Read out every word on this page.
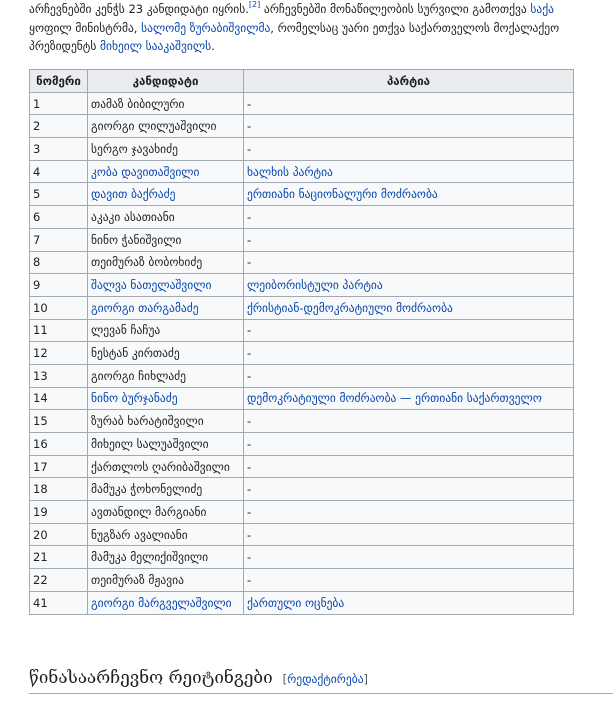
არჩევნებში კენჭს 23 კანდიდატი იყრის.[2] არჩევნებში მონაწილეობის სურვილი გამოთქვა საქა
ყოფილ მინისტრმა, სალომე ზურაბიშვილმა, რომელსაც უარი ეთქვა საქართველოს მოქალაქეო
პრეზიდენტს მიხეილ სააკაშვილს.
ნომერი	კანდიდატი	პარტია
1	თამაზ ბიბილური	-
2	გიორგი ლილუაშვილი	-
3	სერგო ჯავახიძე	-
4	კობა დავითაშვილი	ხალხის პარტია
5	დავით ბაქრაძე	ერთიანი ნაციონალური მოძრაობა
6	აკაკი ასათიანი	-
7	ნინო ჭანიშვილი	-
8	თეიმურაზ ბობოხიძე	-
9	შალვა ნათელაშვილი	ლეიბორისტული პარტია
10	გიორგი თარგამაძე	ქრისტიან-დემოკრატიული მოძრაობა
11	ლევან ჩაჩუა	-
12	ნესტან კირთაძე	-
13	გიორგი ჩიხლაძე	-
14	ნინო ბურჯანაძე	დემოკრატიული მოძრაობა — ერთიანი საქართველო
15	ზურაბ ხარატიშვილი	-
16	მიხეილ სალუაშვილი	-
17	ქართლოს ღარიბაშვილი	-
18	მამუკა ჭოხონელიძე	-
19	ავთანდილ მარგიანი	-
20	ნუგზარ ავალიანი	-
21	მამუკა მელიქიშვილი	-
22	თეიმურაზ მჟავია	-
41	გიორგი მარგველაშვილი	ქართული ოცნება
წინასაარჩევნო რეიტინგები [რედაქტირება]
